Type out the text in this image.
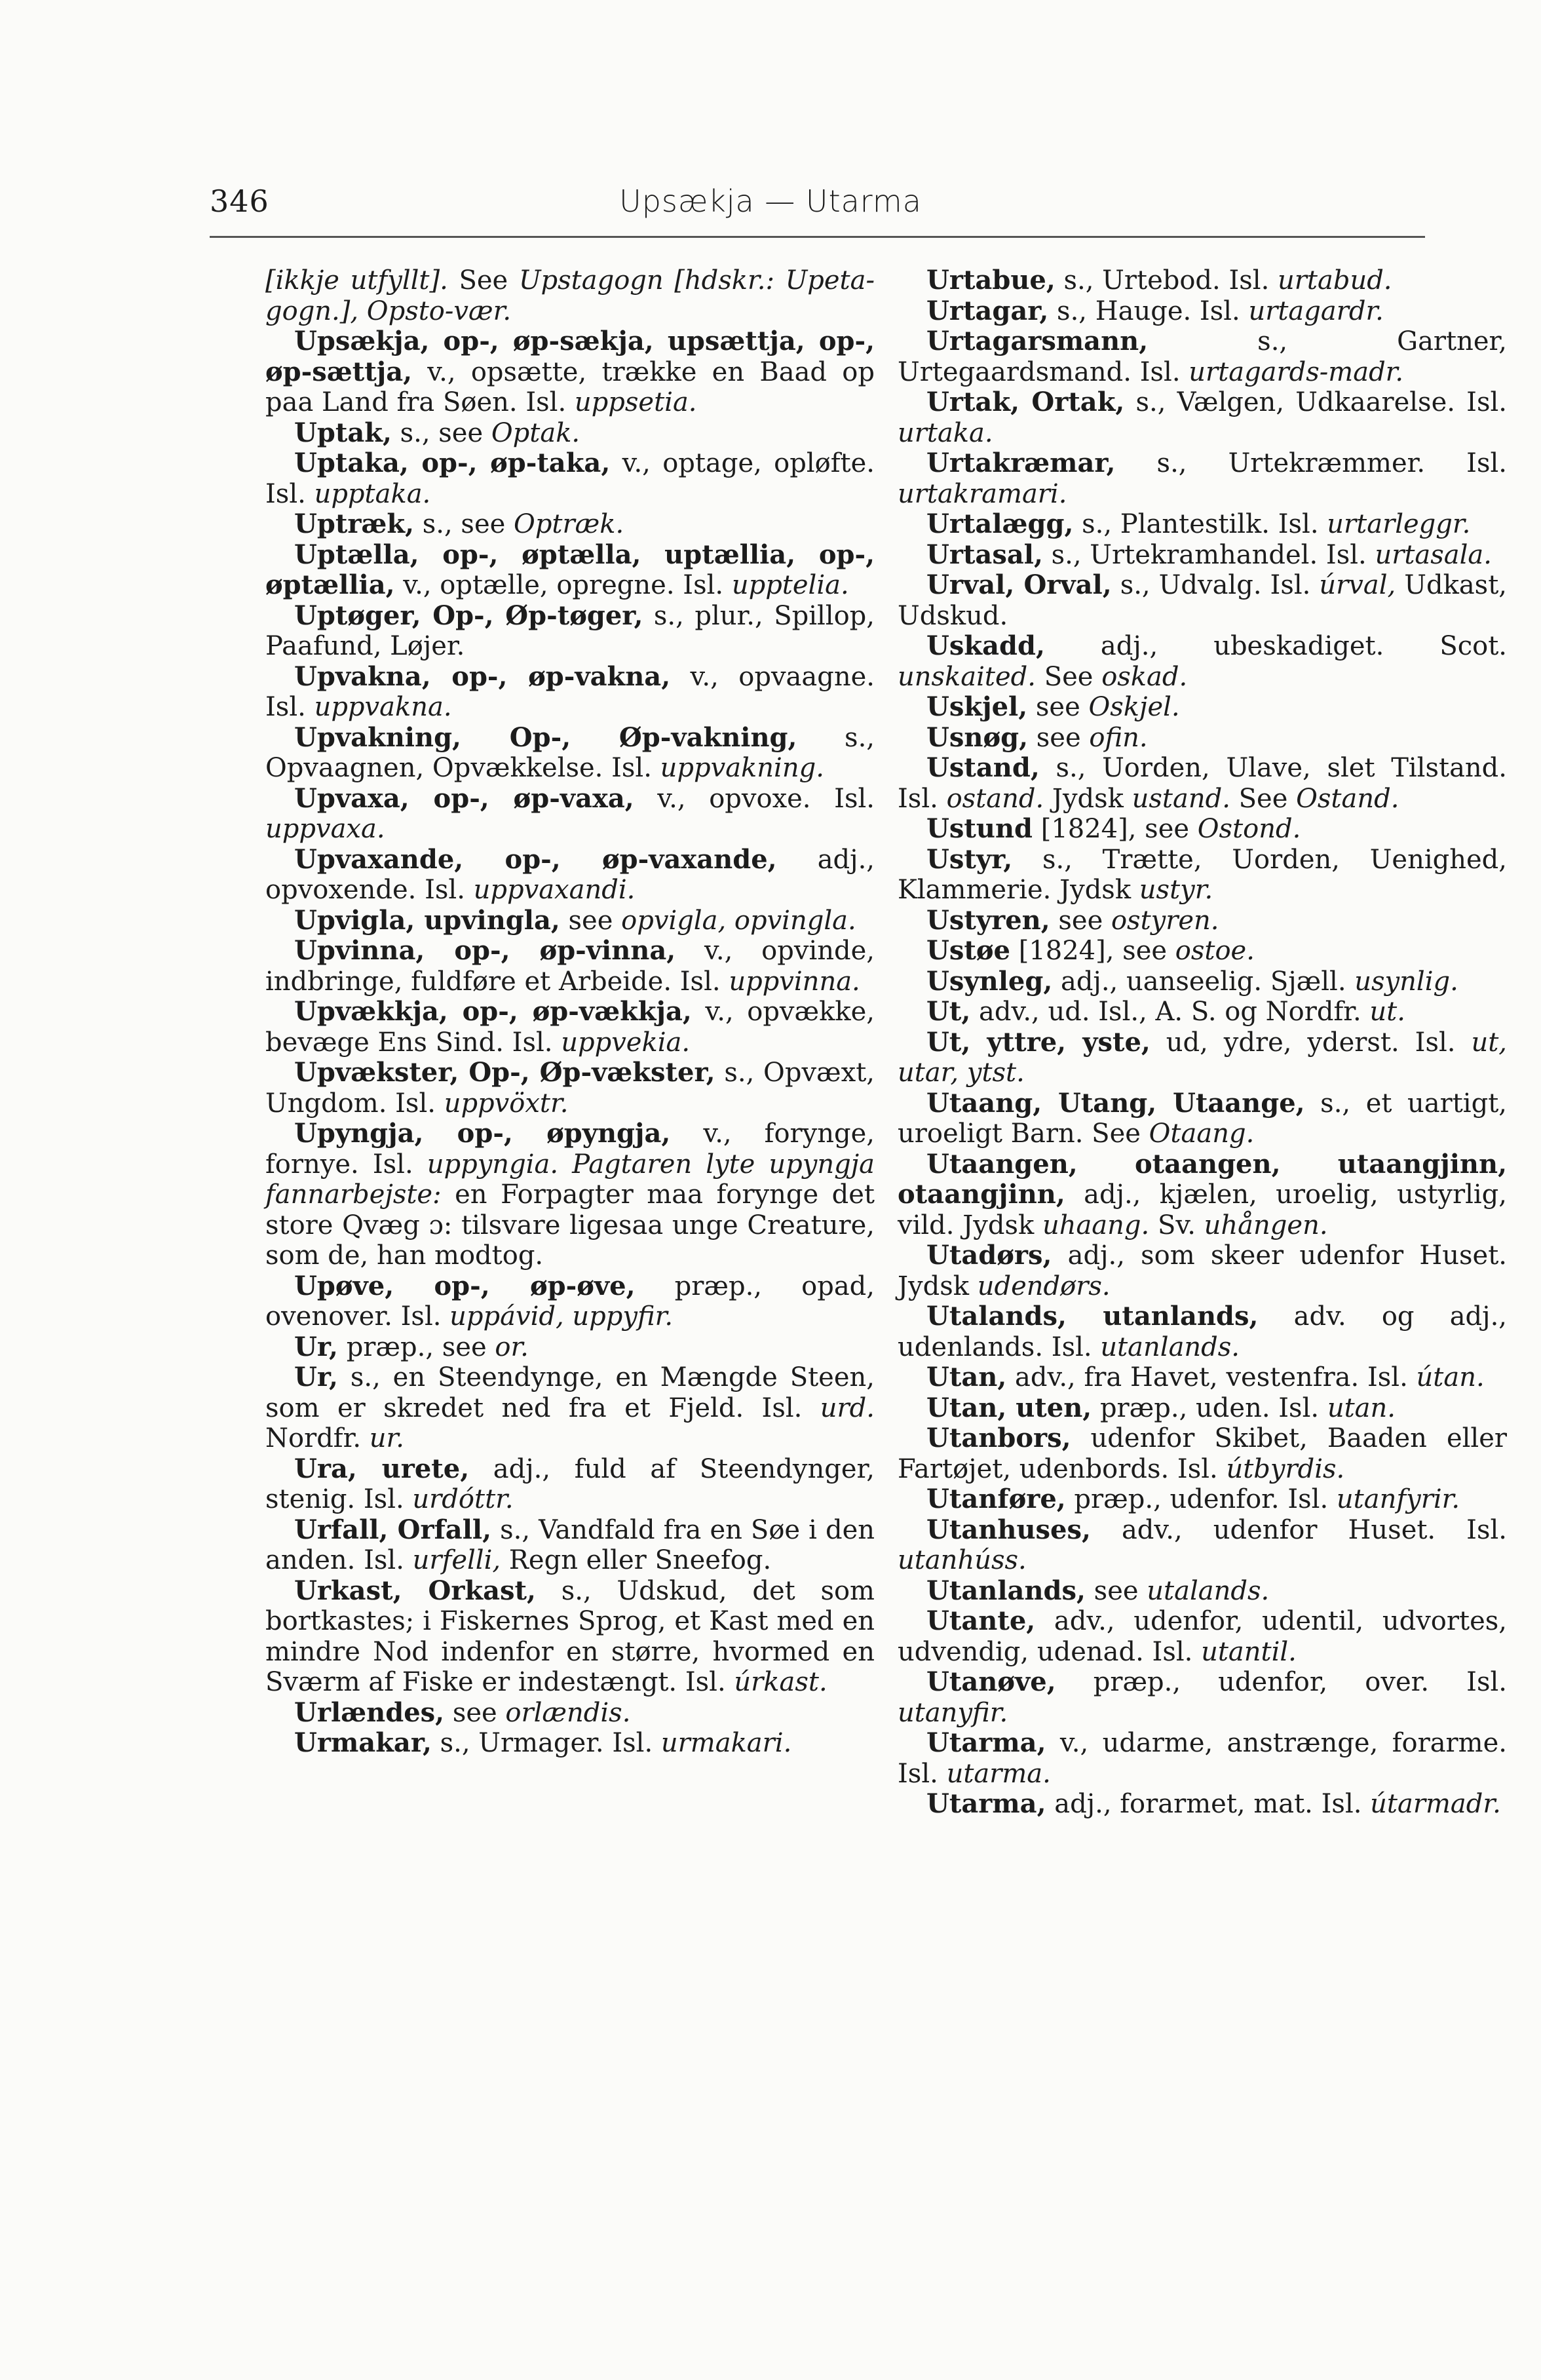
346	Upsækja — Utarma

[ikkje utfyllt]. See Upstagogn [hdskr.: Upeta-gogn.], Opsto-vær.

Upsækja, op-, øp-sækja, upsættja, op-, øp-sættja, v., opsætte, trække en Baad op paa Land fra Søen. Isl. uppsetia.

Uptak, s., see Optak.

Uptaka, op-, øp-taka, v., optage, opløfte. Isl. upptaka.

Uptræk, s., see Optræk.

Uptælla, op-, øptælla, uptællia, op-, øptællia, v., optælle, opregne. Isl. upptelia.

Uptøger, Op-, Øp-tøger, s., plur., Spillop, Paafund, Løjer.

Upvakna, op-, øp-vakna, v., opvaagne. Isl. uppvakna.

Upvakning, Op-, Øp-vakning, s., Opvaagnen, Opvækkelse. Isl. uppvakning.

Upvaxa, op-, øp-vaxa, v., opvoxe. Isl. uppvaxa.

Upvaxande, op-, øp-vaxande, adj., opvoxende. Isl. uppvaxandi.

Upvigla, upvingla, see opvigla, opvingla.

Upvinna, op-, øp-vinna, v., opvinde, indbringe, fuldføre et Arbeide. Isl. uppvinna.

Upvækkja, op-, øp-vækkja, v., opvække, bevæge Ens Sind. Isl. uppvekia.

Upvækster, Op-, Øp-vækster, s., Opvæxt, Ungdom. Isl. uppvöxtr.

Upyngja, op-, øpyngja, v., forynge, fornye. Isl. uppyngia. Pagtaren lyte upyngja fannarbejste: en Forpagter maa forynge det store Qvæg ɔ: tilsvare ligesaa unge Creature, som de, han modtog.

Upøve, op-, øp-øve, præp., opad, ovenover. Isl. uppávid, uppyfir.

Ur, præp., see or.

Ur, s., en Steendynge, en Mængde Steen, som er skredet ned fra et Fjeld. Isl. urd. Nordfr. ur.

Ura, urete, adj., fuld af Steendynger, stenig. Isl. urdóttr.

Urfall, Orfall, s., Vandfald fra en Søe i den anden. Isl. urfelli, Regn eller Sneefog.

Urkast, Orkast, s., Udskud, det som bortkastes; i Fiskernes Sprog, et Kast med en mindre Nod indenfor en større, hvormed en Sværm af Fiske er indestængt. Isl. úrkast.

Urlændes, see orlændis.

Urmakar, s., Urmager. Isl. urmakari.

Urtabue, s., Urtebod. Isl. urtabud.

Urtagar, s., Hauge. Isl. urtagardr.

Urtagarsmann, s., Gartner, Urtegaardsmand. Isl. urtagards-madr.

Urtak, Ortak, s., Vælgen, Udkaarelse. Isl. urtaka.

Urtakræmar, s., Urtekræmmer. Isl. urtakramari.

Urtalægg, s., Plantestilk. Isl. urtarleggr.

Urtasal, s., Urtekramhandel. Isl. urtasala.

Urval, Orval, s., Udvalg. Isl. úrval, Udkast, Udskud.

Uskadd, adj., ubeskadiget. Scot. unskaited. See oskad.

Uskjel, see Oskjel.

Usnøg, see ofin.

Ustand, s., Uorden, Ulave, slet Tilstand. Isl. ostand. Jydsk ustand. See Ostand.

Ustund [1824], see Ostond.

Ustyr, s., Trætte, Uorden, Uenighed, Klammerie. Jydsk ustyr.

Ustyren, see ostyren.

Ustøe [1824], see ostoe.

Usynleg, adj., uanseelig. Sjæll. usynlig.

Ut, adv., ud. Isl., A. S. og Nordfr. ut.

Ut, yttre, yste, ud, ydre, yderst. Isl. ut, utar, ytst.

Utaang, Utang, Utaange, s., et uartigt, uroeligt Barn. See Otaang.

Utaangen, otaangen, utaangjinn, otaangjinn, adj., kjælen, uroelig, ustyrlig, vild. Jydsk uhaang. Sv. uhången.

Utadørs, adj., som skeer udenfor Huset. Jydsk udendørs.

Utalands, utanlands, adv. og adj., udenlands. Isl. utanlands.

Utan, adv., fra Havet, vestenfra. Isl. útan.

Utan, uten, præp., uden. Isl. utan.

Utanbors, udenfor Skibet, Baaden eller Fartøjet, udenbords. Isl. útbyrdis.

Utanføre, præp., udenfor. Isl. utanfyrir.

Utanhuses, adv., udenfor Huset. Isl. utanhúss.

Utanlands, see utalands.

Utante, adv., udenfor, udentil, udvortes, udvendig, udenad. Isl. utantil.

Utanøve, præp., udenfor, over. Isl. utanyfir.

Utarma, v., udarme, anstrænge, forarme. Isl. utarma.

Utarma, adj., forarmet, mat. Isl. útarmadr.
